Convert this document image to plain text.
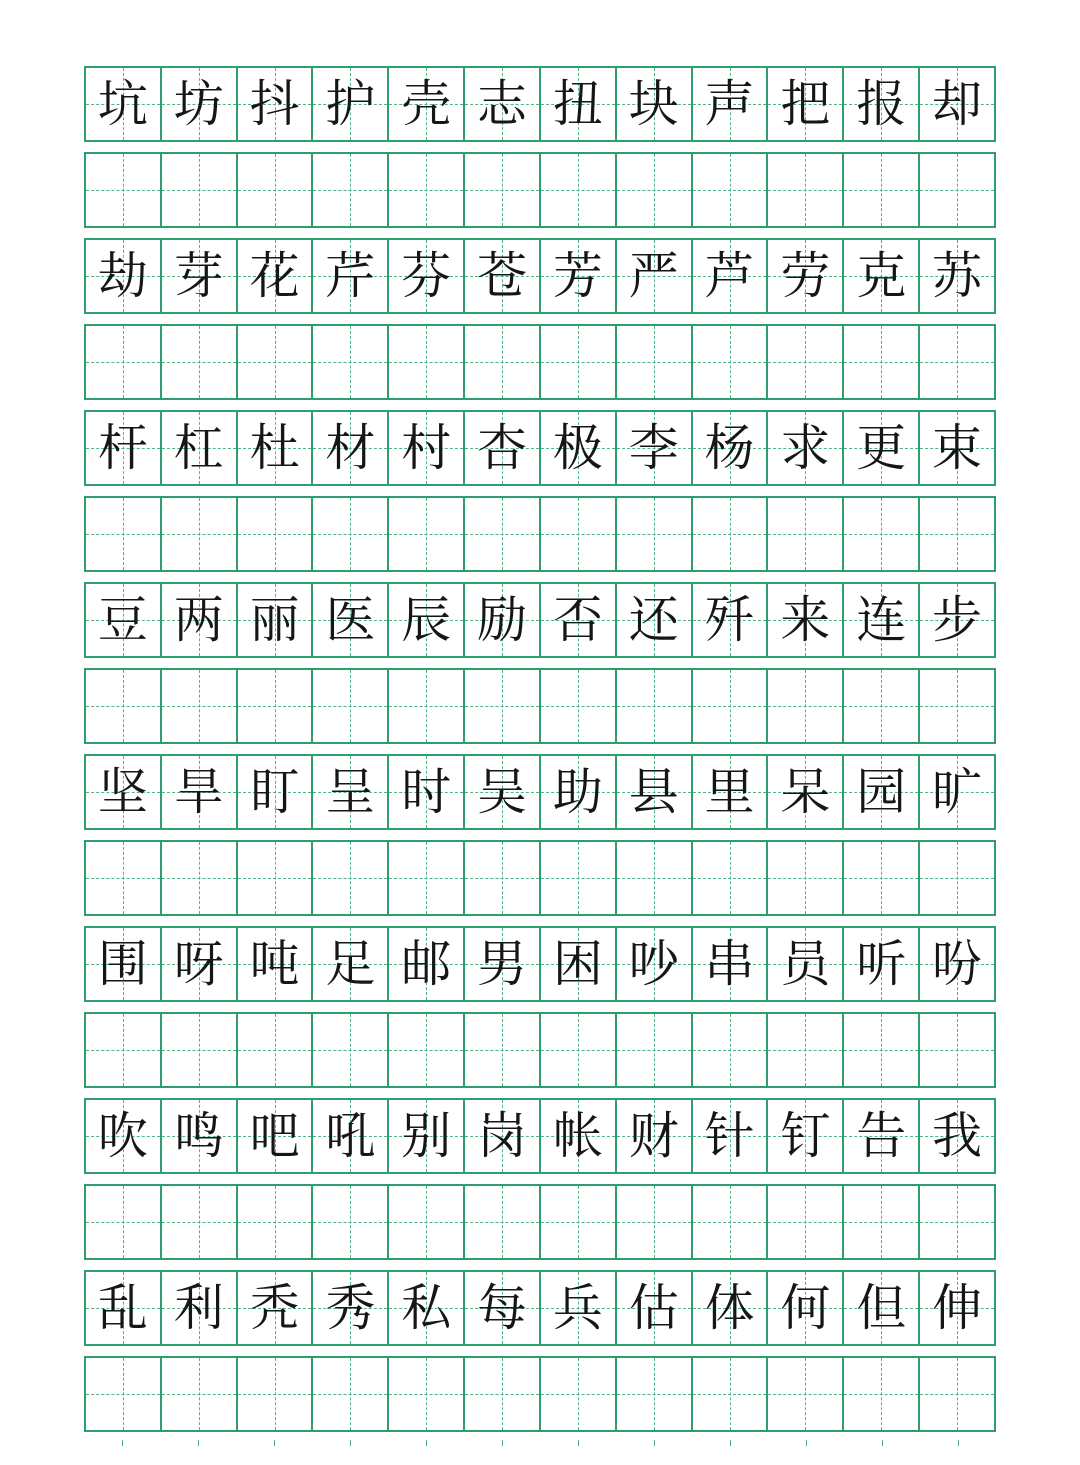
坑 坊 抖 护 壳 志 扭 块 声 把 报 却
劫 芽 花 芹 芬 苍 芳 严 芦 劳 克 苏
杆 杠 杜 材 村 杏 极 李 杨 求 更 束
豆 两 丽 医 辰 励 否 还 歼 来 连 步
坚 旱 盯 呈 时 吴 助 县 里 呆 园 旷
围 呀 吨 足 邮 男 困 吵 串 员 听 吩
吹 鸣 吧 吼 别 岗 帐 财 针 钉 告 我
乱 利 秃 秀 私 每 兵 估 体 何 但 伸
